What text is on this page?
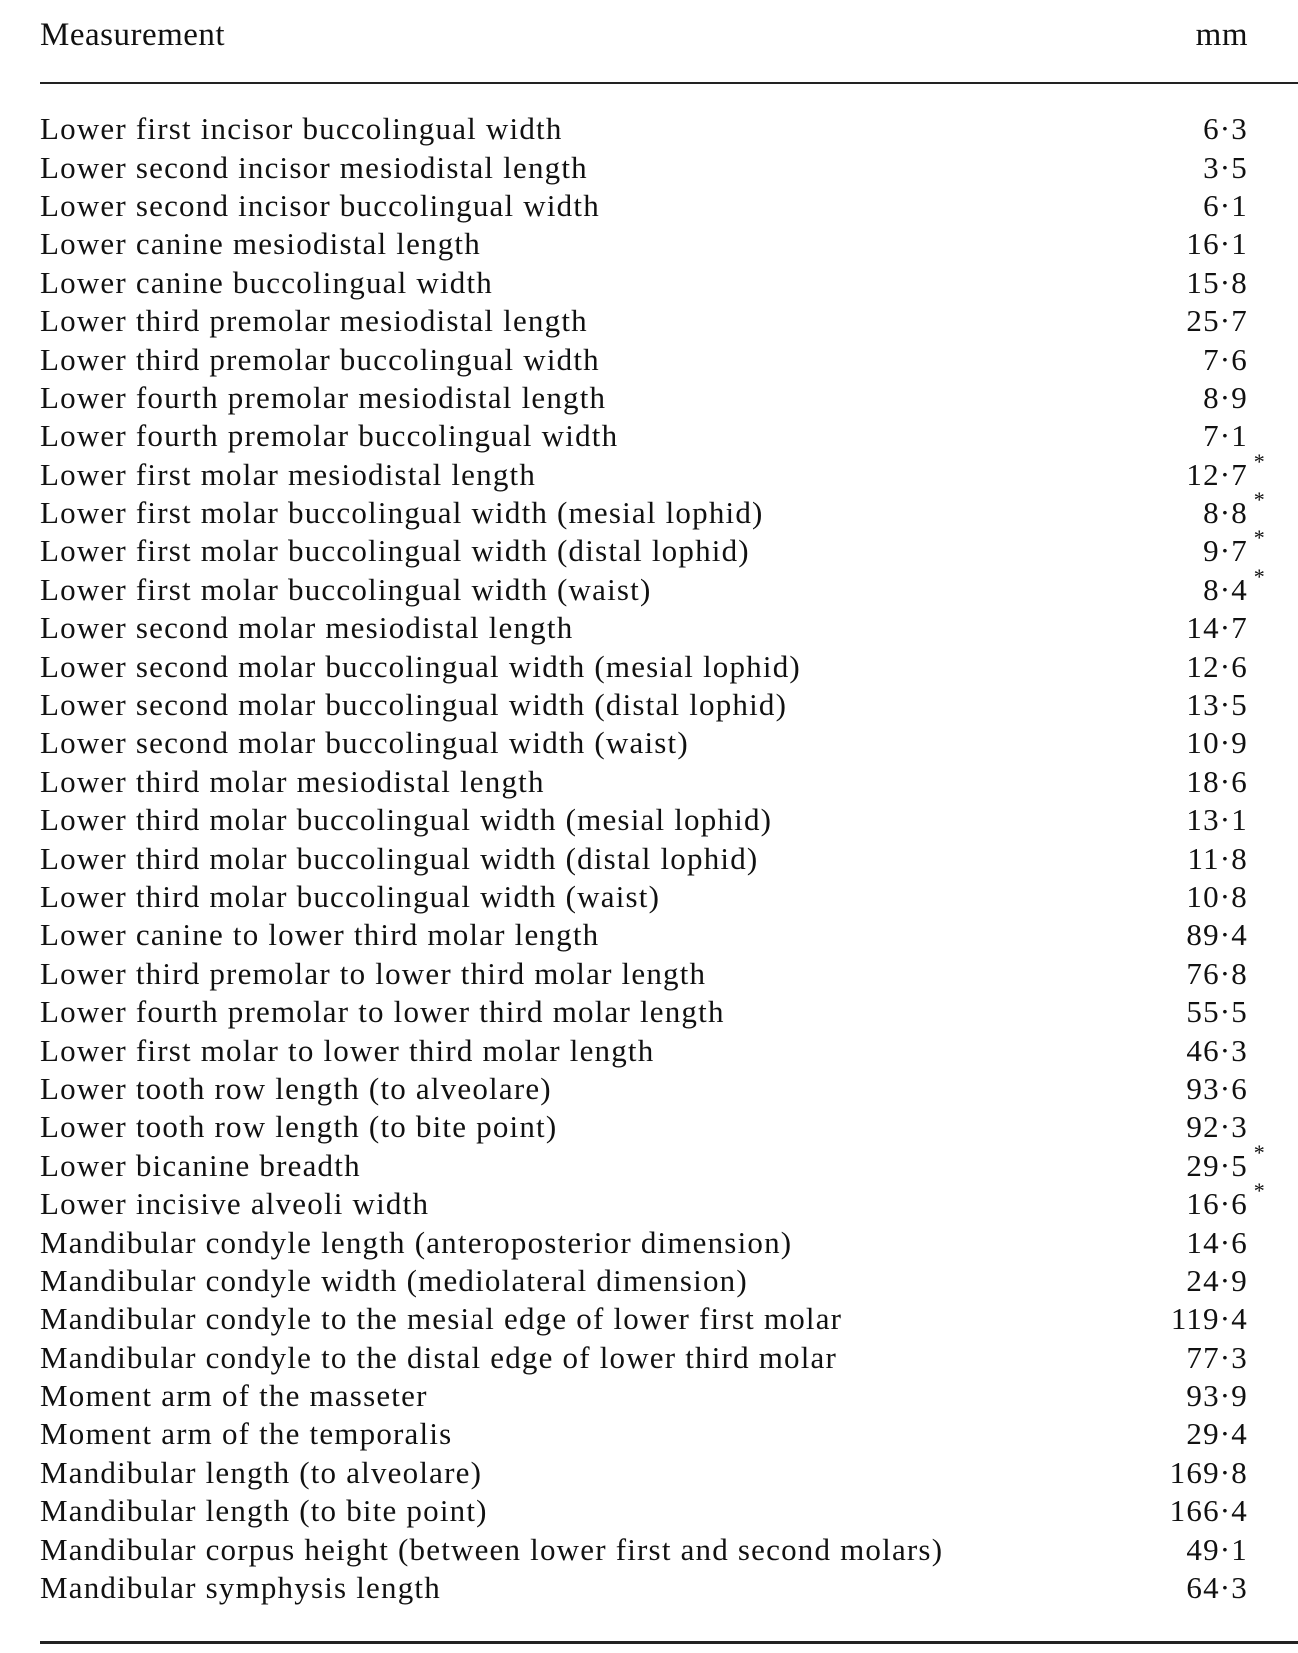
Measurement	mm
Lower first incisor buccolingual width	6·3
Lower second incisor mesiodistal length	3·5
Lower second incisor buccolingual width	6·1
Lower canine mesiodistal length	16·1
Lower canine buccolingual width	15·8
Lower third premolar mesiodistal length	25·7
Lower third premolar buccolingual width	7·6
Lower fourth premolar mesiodistal length	8·9
Lower fourth premolar buccolingual width	7·1
Lower first molar mesiodistal length	12·7 *
Lower first molar buccolingual width (mesial lophid)	8·8 *
Lower first molar buccolingual width (distal lophid)	9·7 *
Lower first molar buccolingual width (waist)	8·4 *
Lower second molar mesiodistal length	14·7
Lower second molar buccolingual width (mesial lophid)	12·6
Lower second molar buccolingual width (distal lophid)	13·5
Lower second molar buccolingual width (waist)	10·9
Lower third molar mesiodistal length	18·6
Lower third molar buccolingual width (mesial lophid)	13·1
Lower third molar buccolingual width (distal lophid)	11·8
Lower third molar buccolingual width (waist)	10·8
Lower canine to lower third molar length	89·4
Lower third premolar to lower third molar length	76·8
Lower fourth premolar to lower third molar length	55·5
Lower first molar to lower third molar length	46·3
Lower tooth row length (to alveolare)	93·6
Lower tooth row length (to bite point)	92·3
Lower bicanine breadth	29·5 *
Lower incisive alveoli width	16·6 *
Mandibular condyle length (anteroposterior dimension)	14·6
Mandibular condyle width (mediolateral dimension)	24·9
Mandibular condyle to the mesial edge of lower first molar	119·4
Mandibular condyle to the distal edge of lower third molar	77·3
Moment arm of the masseter	93·9
Moment arm of the temporalis	29·4
Mandibular length (to alveolare)	169·8
Mandibular length (to bite point)	166·4
Mandibular corpus height (between lower first and second molars)	49·1
Mandibular symphysis length	64·3
